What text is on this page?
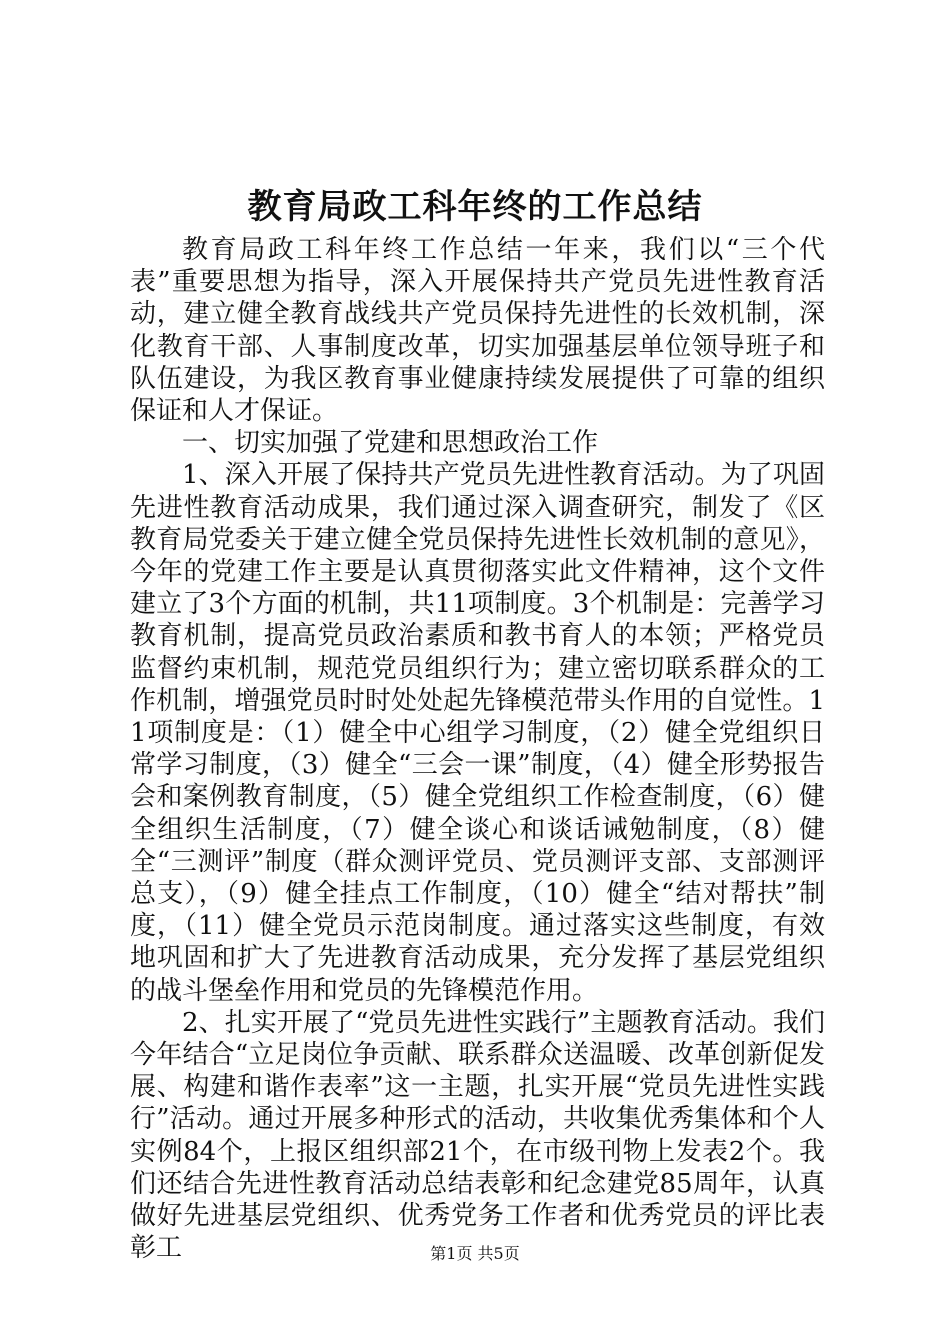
教育局政工科年终的工作总结

教育局政工科年终工作总结一年来，我们以“三个代表”重要思想为指导，深入开展保持共产党员先进性教育活动，建立健全教育战线共产党员保持先进性的长效机制，深化教育干部、人事制度改革，切实加强基层单位领导班子和队伍建设，为我区教育事业健康持续发展提供了可靠的组织保证和人才保证。

一、切实加强了党建和思想政治工作

1、深入开展了保持共产党员先进性教育活动。为了巩固先进性教育活动成果，我们通过深入调查研究，制发了《区教育局党委关于建立健全党员保持先进性长效机制的意见》，今年的党建工作主要是认真贯彻落实此文件精神，这个文件建立了3个方面的机制，共11项制度。3个机制是：完善学习教育机制，提高党员政治素质和教书育人的本领；严格党员监督约束机制，规范党员组织行为；建立密切联系群众的工作机制，增强党员时时处处起先锋模范带头作用的自觉性。11项制度是：（1）健全中心组学习制度，（2）健全党组织日常学习制度，（3）健全“三会一课”制度，（4）健全形势报告会和案例教育制度，（5）健全党组织工作检查制度，（6）健全组织生活制度，（7）健全谈心和谈话诫勉制度，（8）健全“三测评”制度（群众测评党员、党员测评支部、支部测评总支），（9）健全挂点工作制度，（10）健全“结对帮扶”制度，（11）健全党员示范岗制度。通过落实这些制度，有效地巩固和扩大了先进教育活动成果，充分发挥了基层党组织的战斗堡垒作用和党员的先锋模范作用。

2、扎实开展了“党员先进性实践行”主题教育活动。我们今年结合“立足岗位争贡献、联系群众送温暖、改革创新促发展、构建和谐作表率”这一主题，扎实开展“党员先进性实践行”活动。通过开展多种形式的活动，共收集优秀集体和个人实例84个，上报区组织部21个，在市级刊物上发表2个。我们还结合先进性教育活动总结表彰和纪念建党85周年，认真做好先进基层党组织、优秀党务工作者和优秀党员的评比表彰工	第1页 共5页
